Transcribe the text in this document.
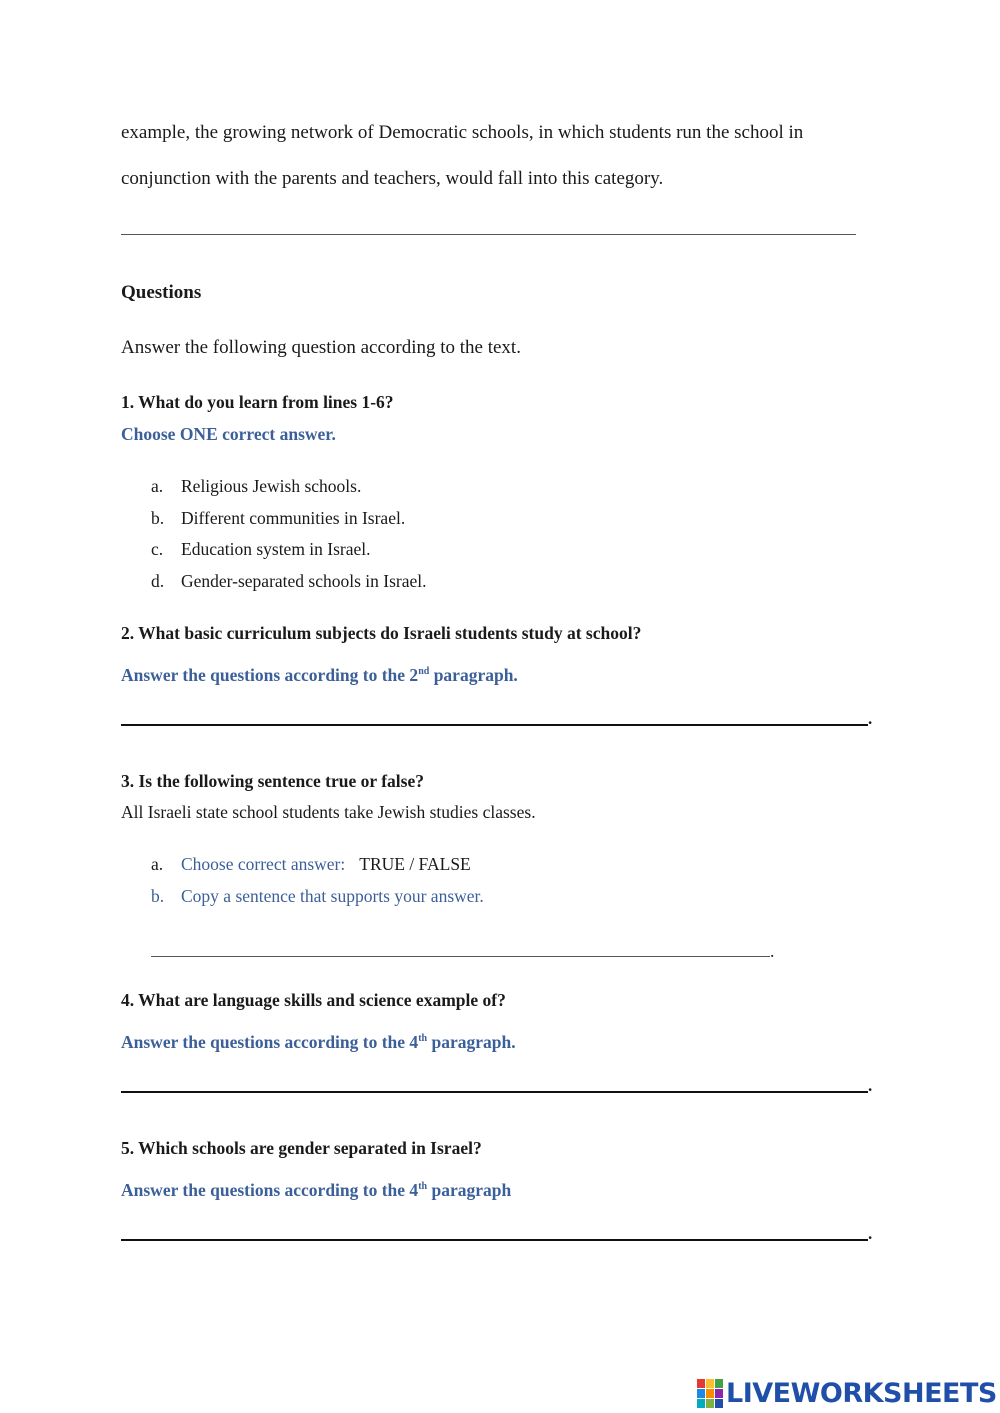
example, the growing network of Democratic schools, in which students run the school in
conjunction with the parents and teachers, would fall into this category.
Questions
Answer the following question according to the text.
1. What do you learn from lines 1-6?
Choose ONE correct answer.
a. Religious Jewish schools.
b. Different communities in Israel.
c. Education system in Israel.
d. Gender-separated schools in Israel.
2. What basic curriculum subjects do Israeli students study at school?
Answer the questions according to the 2nd paragraph.
.
3. Is the following sentence true or false?
All Israeli state school students take Jewish studies classes.
a. Choose correct answer: TRUE / FALSE
b. Copy a sentence that supports your answer.
.
4. What are language skills and science example of?
Answer the questions according to the 4th paragraph.
.
5. Which schools are gender separated in Israel?
Answer the questions according to the 4th paragraph
.
LIVEWORKSHEETS
